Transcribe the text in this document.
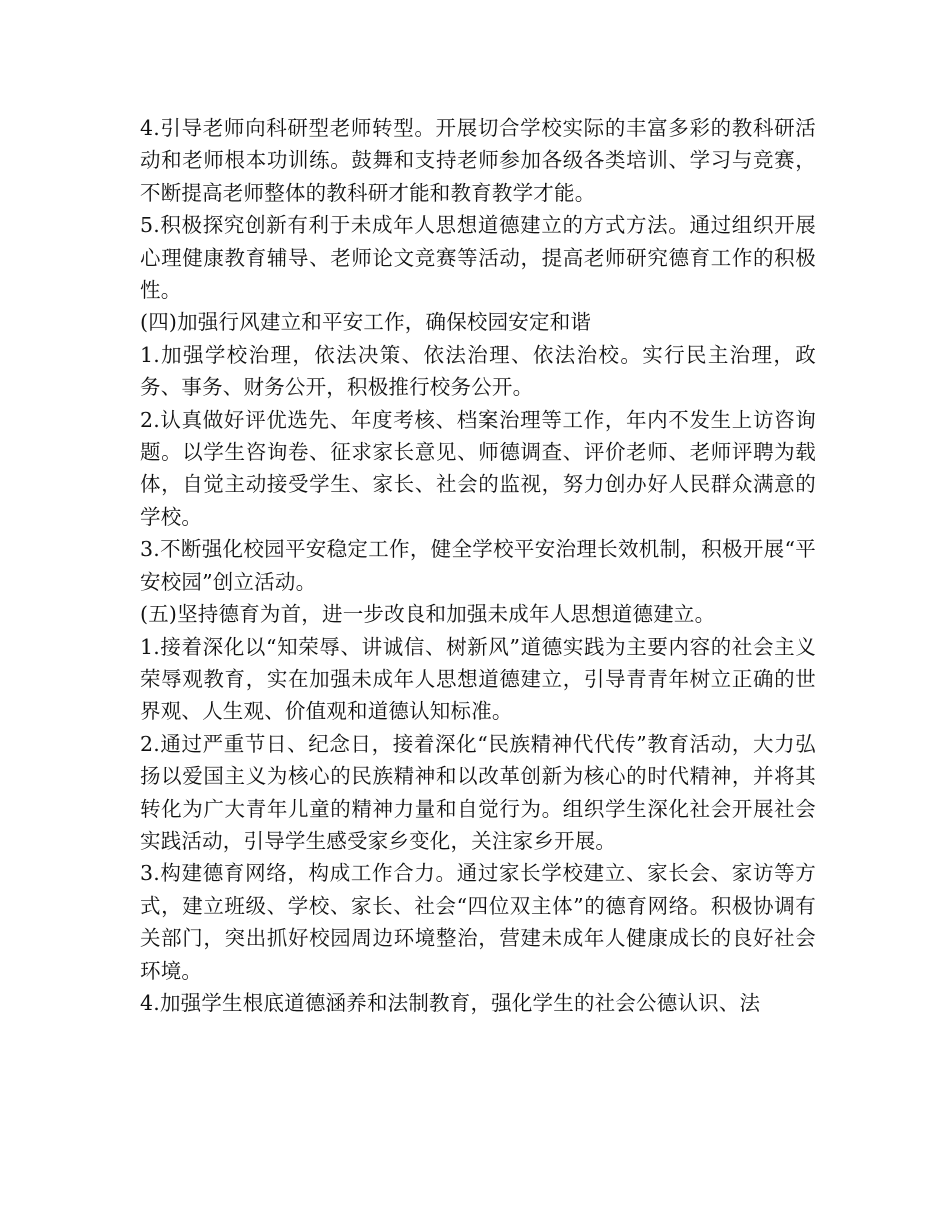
4.引导老师向科研型老师转型。开展切合学校实际的丰富多彩的教科研活动和老师根本功训练。鼓舞和支持老师参加各级各类培训、学习与竞赛，不断提高老师整体的教科研才能和教育教学才能。

5.积极探究创新有利于未成年人思想道德建立的方式方法。通过组织开展心理健康教育辅导、老师论文竞赛等活动，提高老师研究德育工作的积极性。

(四)加强行风建立和平安工作，确保校园安定和谐

1.加强学校治理，依法决策、依法治理、依法治校。实行民主治理，政务、事务、财务公开，积极推行校务公开。

2.认真做好评优选先、年度考核、档案治理等工作，年内不发生上访咨询题。以学生咨询卷、征求家长意见、师德调查、评价老师、老师评聘为载体，自觉主动接受学生、家长、社会的监视，努力创办好人民群众满意的学校。

3.不断强化校园平安稳定工作，健全学校平安治理长效机制，积极开展“平安校园”创立活动。

(五)坚持德育为首，进一步改良和加强未成年人思想道德建立。

1.接着深化以“知荣辱、讲诚信、树新风”道德实践为主要内容的社会主义荣辱观教育，实在加强未成年人思想道德建立，引导青青年树立正确的世界观、人生观、价值观和道德认知标准。

2.通过严重节日、纪念日，接着深化“民族精神代代传”教育活动，大力弘扬以爱国主义为核心的民族精神和以改革创新为核心的时代精神，并将其转化为广大青年儿童的精神力量和自觉行为。组织学生深化社会开展社会实践活动，引导学生感受家乡变化，关注家乡开展。

3.构建德育网络，构成工作合力。通过家长学校建立、家长会、家访等方式，建立班级、学校、家长、社会“四位双主体”的德育网络。积极协调有关部门，突出抓好校园周边环境整治，营建未成年人健康成长的良好社会环境。

4.加强学生根底道德涵养和法制教育，强化学生的社会公德认识、法
